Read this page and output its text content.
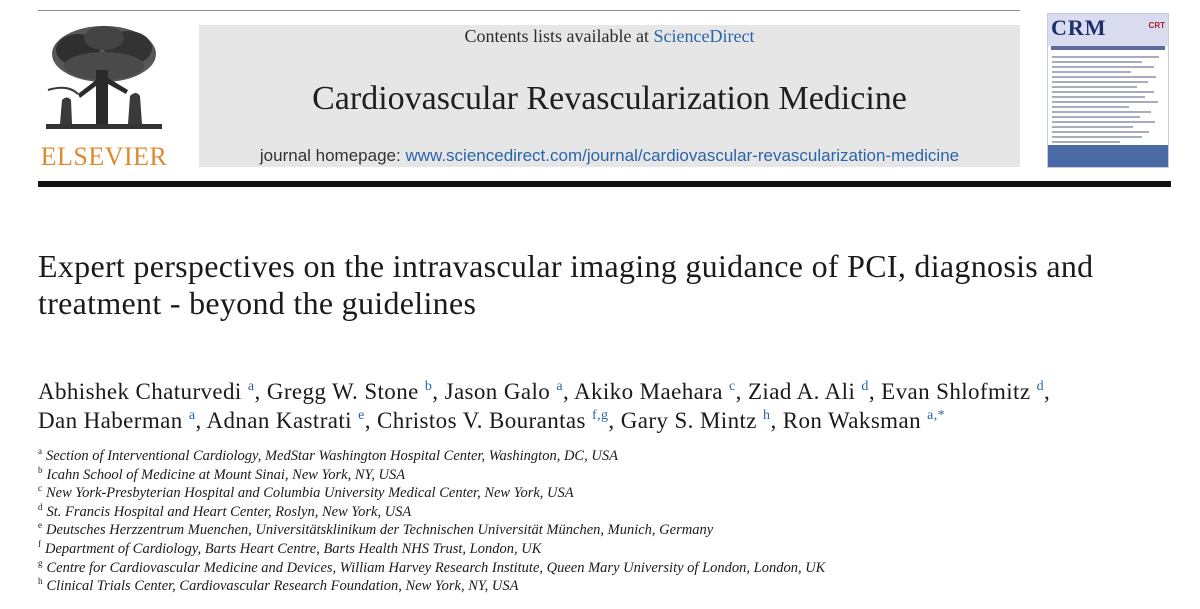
ELSEVIER
Contents lists available at ScienceDirect
Cardiovascular Revascularization Medicine
journal homepage: www.sciencedirect.com/journal/cardiovascular-revascularization-medicine
CRM	CRT
Expert perspectives on the intravascular imaging guidance of PCI, diagnosis and treatment - beyond the guidelines
Abhishek Chaturvedi $^a$, Gregg W. Stone $^b$, Jason Galo $^a$, Akiko Maehara $^c$, Ziad A. Ali $^d$, Evan Shlofmitz $^d$,
Dan Haberman $^a$, Adnan Kastrati $^e$, Christos V. Bourantas $^{f,g}$, Gary S. Mintz $^h$, Ron Waksman $^{a,*}$
$^a$ Section of Interventional Cardiology, MedStar Washington Hospital Center, Washington, DC, USA
$^b$ Icahn School of Medicine at Mount Sinai, New York, NY, USA
$^c$ New York-Presbyterian Hospital and Columbia University Medical Center, New York, USA
$^d$ St. Francis Hospital and Heart Center, Roslyn, New York, USA
$^e$ Deutsches Herzzentrum Muenchen, Universitätsklinikum der Technischen Universität München, Munich, Germany
$^f$ Department of Cardiology, Barts Heart Centre, Barts Health NHS Trust, London, UK
$^g$ Centre for Cardiovascular Medicine and Devices, William Harvey Research Institute, Queen Mary University of London, London, UK
$^h$ Clinical Trials Center, Cardiovascular Research Foundation, New York, NY, USA
